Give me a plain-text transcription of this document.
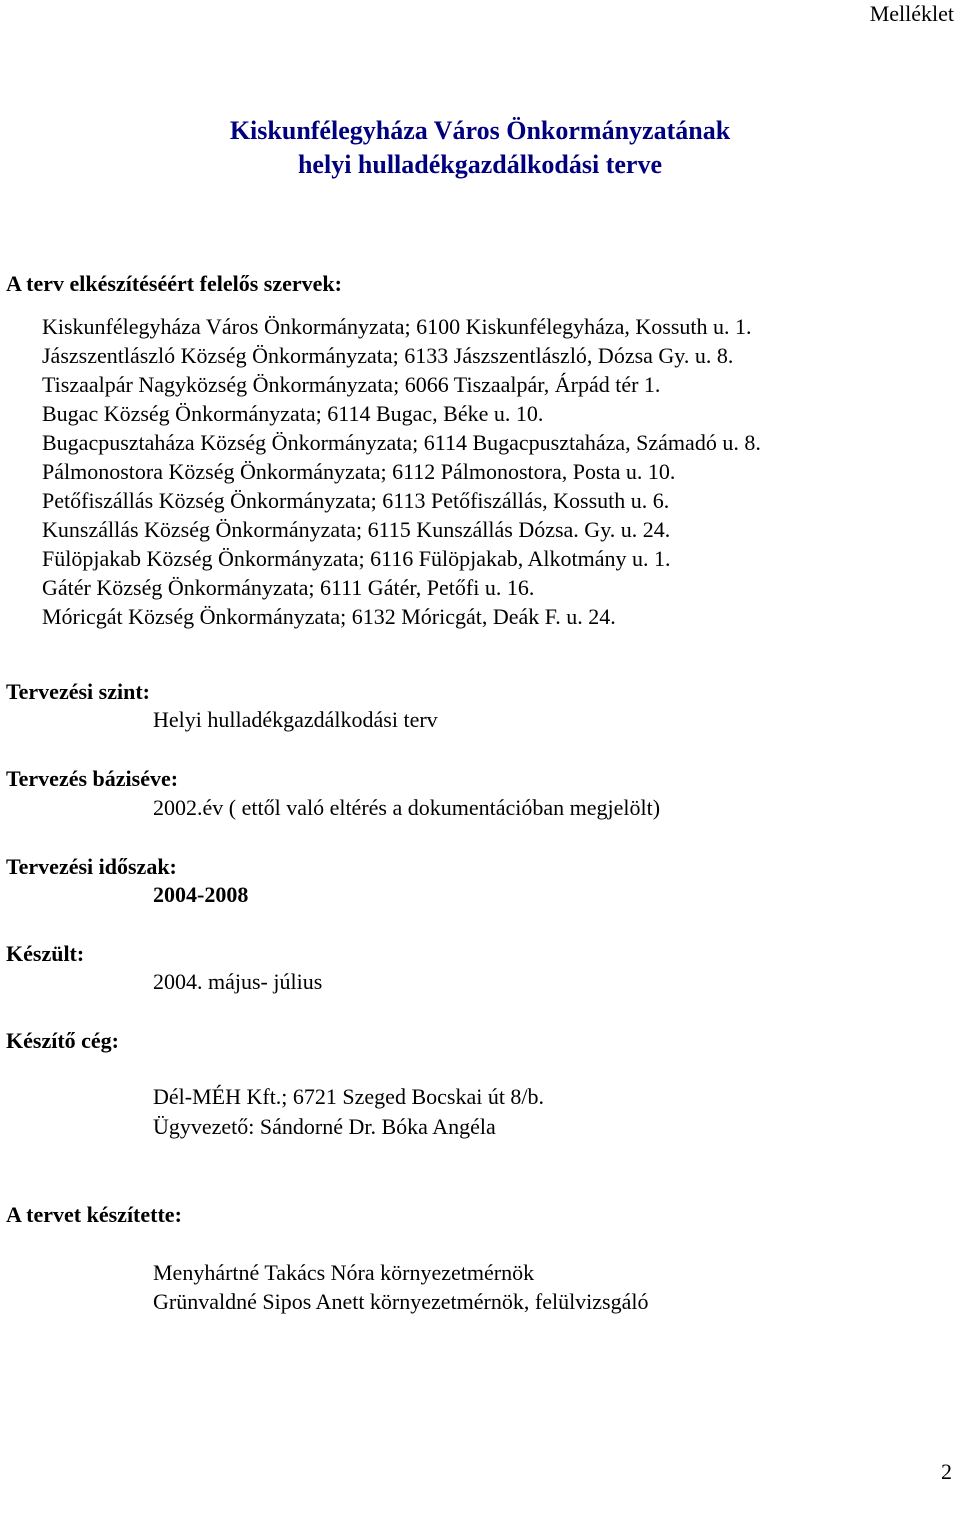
Melléklet
Kiskunfélegyháza Város Önkormányzatának
helyi hulladékgazdálkodási terve
A terv elkészítéséért felelős szervek:
Kiskunfélegyháza Város Önkormányzata; 6100 Kiskunfélegyháza, Kossuth u. 1.
Jászszentlászló Község Önkormányzata; 6133 Jászszentlászló, Dózsa Gy. u. 8.
Tiszaalpár Nagyközség Önkormányzata; 6066 Tiszaalpár, Árpád tér 1.
Bugac Község Önkormányzata; 6114 Bugac, Béke u. 10.
Bugacpusztaháza Község Önkormányzata; 6114 Bugacpusztaháza, Számadó u. 8.
Pálmonostora Község Önkormányzata; 6112 Pálmonostora, Posta u. 10.
Petőfiszállás Község Önkormányzata; 6113 Petőfiszállás, Kossuth u. 6.
Kunszállás Község Önkormányzata; 6115 Kunszállás Dózsa. Gy. u. 24.
Fülöpjakab Község Önkormányzata; 6116 Fülöpjakab, Alkotmány u. 1.
Gátér Község Önkormányzata; 6111 Gátér, Petőfi u. 16.
Móricgát Község Önkormányzata; 6132 Móricgát, Deák F. u. 24.
Tervezési szint:
Helyi hulladékgazdálkodási terv
Tervezés báziséve:
2002.év ( ettől való eltérés a dokumentációban megjelölt)
Tervezési időszak:
2004-2008
Készült:
2004. május- július
Készítő cég:
Dél-MÉH Kft.; 6721 Szeged Bocskai út 8/b.
Ügyvezető: Sándorné Dr. Bóka Angéla
A tervet készítette:
Menyhártné Takács Nóra környezetmérnök
Grünvaldné Sipos Anett környezetmérnök, felülvizsgáló
2
